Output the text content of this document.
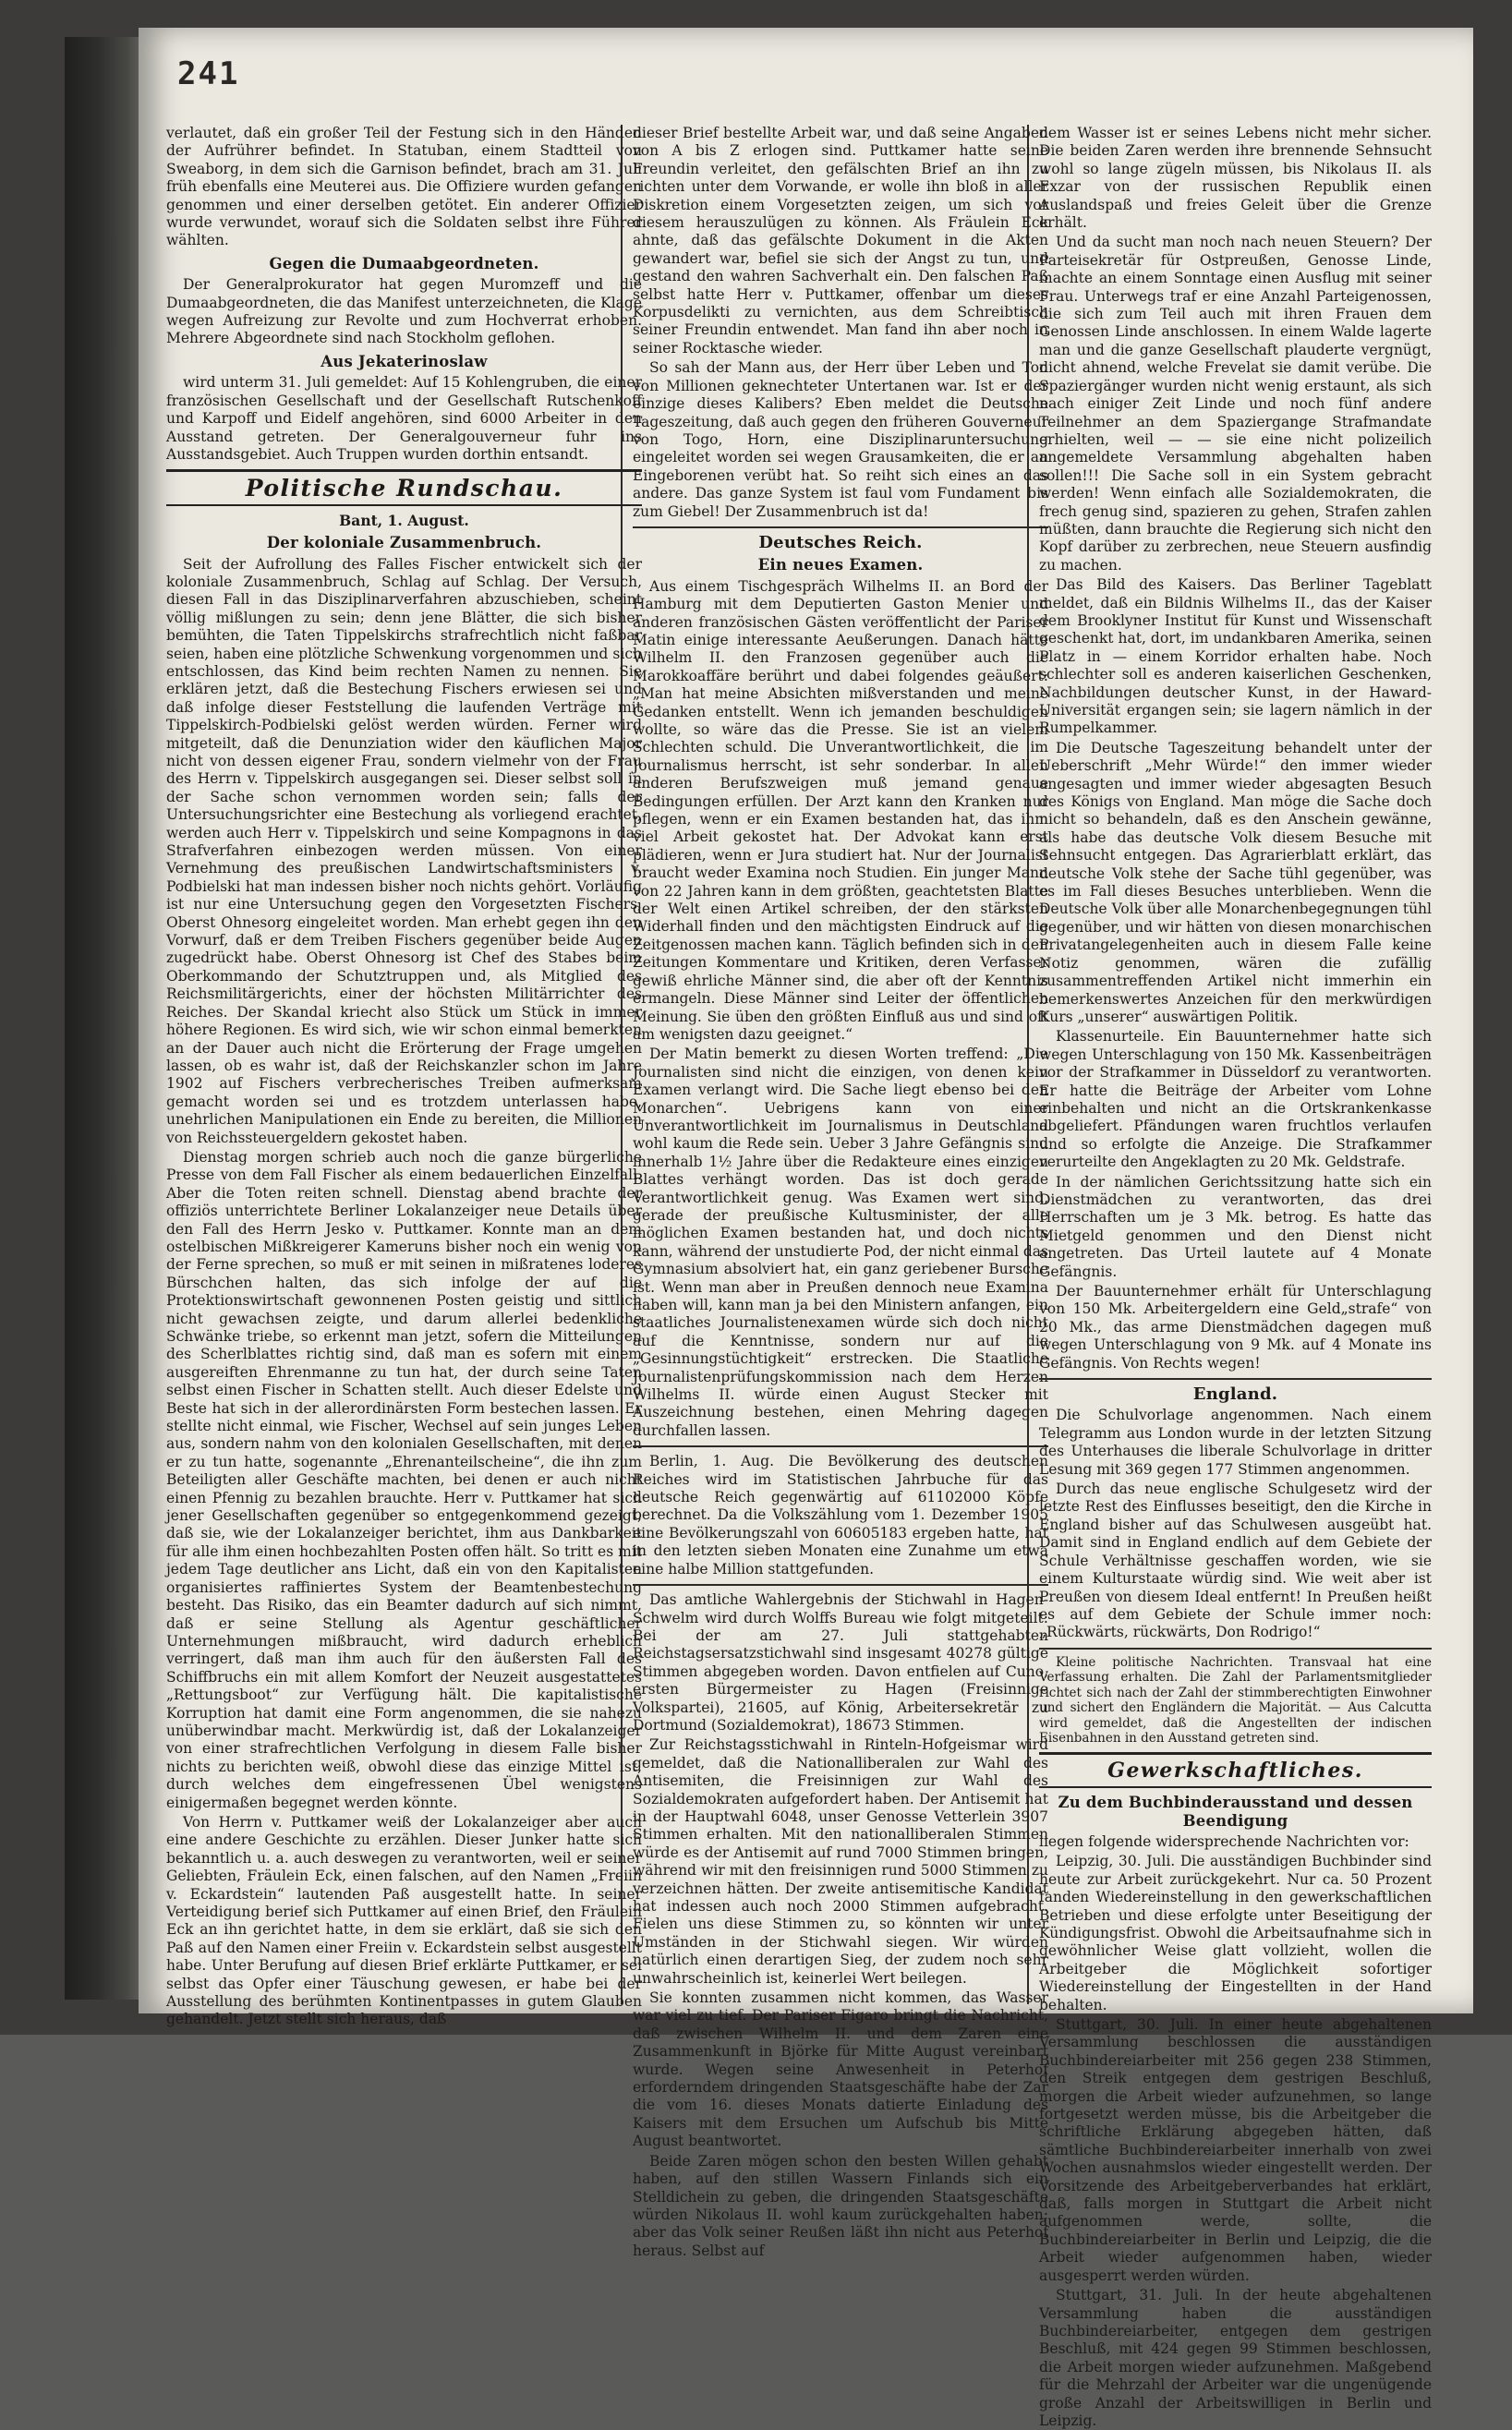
241

verlautet, daß ein großer Teil der Festung sich in den Händen der Aufrührer befindet. In Statuban, einem Stadtteil von Sweaborg, in dem sich die Garnison befindet, brach am 31. Juli früh ebenfalls eine Meuterei aus. Die Offiziere wurden gefangen genommen und einer derselben getötet. Ein anderer Offizier wurde verwundet, worauf sich die Soldaten selbst ihre Führer wählten.

Gegen die Dumaabgeordneten.

Der Generalprokurator hat gegen Muromzeff und die Dumaabgeordneten, die das Manifest unterzeichneten, die Klage wegen Aufreizung zur Revolte und zum Hochverrat erhoben. Mehrere Abgeordnete sind nach Stockholm geflohen.

Aus Jekaterinoslaw

wird unterm 31. Juli gemeldet: Auf 15 Kohlengruben, die einer französischen Gesellschaft und der Gesellschaft Rutschenkoff und Karpoff und Eidelf angehören, sind 6000 Arbeiter in den Ausstand getreten. Der Generalgouverneur fuhr ins Ausstandsgebiet. Auch Truppen wurden dorthin entsandt.

Politische Rundschau.
Bant, 1. August.
Der koloniale Zusammenbruch.

Seit der Aufrollung des Falles Fischer entwickelt sich der koloniale Zusammenbruch, Schlag auf Schlag. Der Versuch, diesen Fall in das Disziplinarverfahren abzuschieben, scheint völlig mißlungen zu sein; denn jene Blätter, die sich bisher bemühten, die Taten Tippelskirchs strafrechtlich nicht faßbar seien, haben eine plötzliche Schwenkung vorgenommen und sich entschlossen, das Kind beim rechten Namen zu nennen. Sie erklären jetzt, daß die Bestechung Fischers erwiesen sei und daß infolge dieser Feststellung die laufenden Verträge mit Tippelskirch-Podbielski gelöst werden würden. Ferner wird mitgeteilt, daß die Denunziation wider den käuflichen Major nicht von dessen eigener Frau, sondern vielmehr von der Frau des Herrn v. Tippelskirch ausgegangen sei. Dieser selbst soll in der Sache schon vernommen worden sein; falls der Untersuchungsrichter eine Bestechung als vorliegend erachtet, werden auch Herr v. Tippelskirch und seine Kompagnons in das Strafverfahren einbezogen werden müssen. Von einer Vernehmung des preußischen Landwirtschaftsministers v. Podbielski hat man indessen bisher noch nichts gehört. Vorläufig ist nur eine Untersuchung gegen den Vorgesetzten Fischers, Oberst Ohnesorg eingeleitet worden. Man erhebt gegen ihn den Vorwurf, daß er dem Treiben Fischers gegenüber beide Augen zugedrückt habe. Oberst Ohnesorg ist Chef des Stabes beim Oberkommando der Schutztruppen und, als Mitglied des Reichsmilitärgerichts, einer der höchsten Militärrichter des Reiches. Der Skandal kriecht also Stück um Stück in immer höhere Regionen. Es wird sich, wie wir schon einmal bemerkten an der Dauer auch nicht die Erörterung der Frage umgehen lassen, ob es wahr ist, daß der Reichskanzler schon im Jahre 1902 auf Fischers verbrecherisches Treiben aufmerksam gemacht worden sei und es trotzdem unterlassen habe, unehrlichen Manipulationen ein Ende zu bereiten, die Millionen von Reichssteuergeldern gekostet haben.

Dienstag morgen schrieb auch noch die ganze bürgerliche Presse von dem Fall Fischer als einem bedauerlichen Einzelfall. Aber die Toten reiten schnell. Dienstag abend brachte der offiziös unterrichtete Berliner Lokalanzeiger neue Details über den Fall des Herrn Jesko v. Puttkamer. Konnte man an dem ostelbischen Mißkreigerer Kameruns bisher noch ein wenig von der Ferne sprechen, so muß er mit seinen in mißratenes loderes Bürschchen halten, das sich infolge der auf die Protektionswirtschaft gewonnenen Posten geistig und sittlich nicht gewachsen zeigte, und darum allerlei bedenkliche Schwänke triebe, so erkennt man jetzt, sofern die Mitteilungen des Scherlblattes richtig sind, daß man es sofern mit einem ausgereiften Ehrenmanne zu tun hat, der durch seine Taten selbst einen Fischer in Schatten stellt. Auch dieser Edelste und Beste hat sich in der allerordinärsten Form bestechen lassen. Er stellte nicht einmal, wie Fischer, Wechsel auf sein junges Leben aus, sondern nahm von den kolonialen Gesellschaften, mit denen er zu tun hatte, sogenannte „Ehrenanteilscheine“, die ihn zum Beteiligten aller Geschäfte machten, bei denen er auch nicht einen Pfennig zu bezahlen brauchte. Herr v. Puttkamer hat sich jener Gesellschaften gegenüber so entgegenkommend gezeigt, daß sie, wie der Lokalanzeiger berichtet, ihm aus Dankbarkeit für alle ihm einen hochbezahlten Posten offen hält. So tritt es mit jedem Tage deutlicher ans Licht, daß ein von den Kapitalisten organisiertes raffiniertes System der Beamtenbestechung besteht. Das Risiko, das ein Beamter dadurch auf sich nimmt, daß er seine Stellung als Agentur geschäftlicher Unternehmungen mißbraucht, wird dadurch erheblich verringert, daß man ihm auch für den äußersten Fall des Schiffbruchs ein mit allem Komfort der Neuzeit ausgestattetes „Rettungsboot“ zur Verfügung hält. Die kapitalistische Korruption hat damit eine Form angenommen, die sie nahezu unüberwindbar macht. Merkwürdig ist, daß der Lokalanzeiger von einer strafrechtlichen Verfolgung in diesem Falle bisher nichts zu berichten weiß, obwohl diese das einzige Mittel ist, durch welches dem eingefressenen Übel wenigstens einigermaßen begegnet werden könnte.

Von Herrn v. Puttkamer weiß der Lokalanzeiger aber auch eine andere Geschichte zu erzählen. Dieser Junker hatte sich bekanntlich u. a. auch deswegen zu verantworten, weil er seiner Geliebten, Fräulein Eck, einen falschen, auf den Namen „Freiin v. Eckardstein“ lautenden Paß ausgestellt hatte. In seiner Verteidigung berief sich Puttkamer auf einen Brief, den Fräulein Eck an ihn gerichtet hatte, in dem sie erklärt, daß sie sich den Paß auf den Namen einer Freiin v. Eckardstein selbst ausgestellt habe. Unter Berufung auf diesen Brief erklärte Puttkamer, er sei selbst das Opfer einer Täuschung gewesen, er habe bei der Ausstellung des berühmten Kontinentpasses in gutem Glauben gehandelt. Jetzt stellt sich heraus, daß

dieser Brief bestellte Arbeit war, und daß seine Angaben von A bis Z erlogen sind. Puttkamer hatte seine Freundin verleitet, den gefälschten Brief an ihn zu richten unter dem Vorwande, er wolle ihn bloß in aller Diskretion einem Vorgesetzten zeigen, um sich vor diesem herauszulügen zu können. Als Fräulein Eck ahnte, daß das gefälschte Dokument in die Akten gewandert war, befiel sie sich der Angst zu tun, und gestand den wahren Sachverhalt ein. Den falschen Paß selbst hatte Herr v. Puttkamer, offenbar um dieses Korpusdelikti zu vernichten, aus dem Schreibtisch seiner Freundin entwendet. Man fand ihn aber noch in seiner Rocktasche wieder.

So sah der Mann aus, der Herr über Leben und Tod von Millionen geknechteter Untertanen war. Ist er der einzige dieses Kalibers? Eben meldet die Deutsche Tageszeitung, daß auch gegen den früheren Gouverneur von Togo, Horn, eine Disziplinaruntersuchung eingeleitet worden sei wegen Grausamkeiten, die er an Eingeborenen verübt hat. So reiht sich eines an das andere. Das ganze System ist faul vom Fundament bis zum Giebel! Der Zusammenbruch ist da!

Deutsches Reich.
Ein neues Examen.

Aus einem Tischgespräch Wilhelms II. an Bord der Hamburg mit dem Deputierten Gaston Menier und anderen französischen Gästen veröffentlicht der Pariser Matin einige interessante Aeußerungen. Danach hätte Wilhelm II. den Franzosen gegenüber auch die Marokkoaffäre berührt und dabei folgendes geäußert: „Man hat meine Absichten mißverstanden und meine Gedanken entstellt. Wenn ich jemanden beschuldigen wollte, so wäre das die Presse. Sie ist an vielem Schlechten schuld. Die Unverantwortlichkeit, die im Journalismus herrscht, ist sehr sonderbar. In allen anderen Berufszweigen muß jemand genaue Bedingungen erfüllen. Der Arzt kann den Kranken nur pflegen, wenn er ein Examen bestanden hat, das ihm viel Arbeit gekostet hat. Der Advokat kann erst plädieren, wenn er Jura studiert hat. Nur der Journalist braucht weder Examina noch Studien. Ein junger Mann von 22 Jahren kann in dem größten, geachtetsten Blatte der Welt einen Artikel schreiben, der den stärksten Widerhall finden und den mächtigsten Eindruck auf die Zeitgenossen machen kann. Täglich befinden sich in den Zeitungen Kommentare und Kritiken, deren Verfasser gewiß ehrliche Männer sind, die aber oft der Kenntnis ermangeln. Diese Männer sind Leiter der öffentlichen Meinung. Sie üben den größten Einfluß aus und sind oft am wenigsten dazu geeignet.“

Der Matin bemerkt zu diesen Worten treffend: „Die Journalisten sind nicht die einzigen, von denen kein Examen verlangt wird. Die Sache liegt ebenso bei den Monarchen“. Uebrigens kann von einer Unverantwortlichkeit im Journalismus in Deutschland wohl kaum die Rede sein. Ueber 3 Jahre Gefängnis sind innerhalb 1½ Jahre über die Redakteure eines einzigen Blattes verhängt worden. Das ist doch gerade Verantwortlichkeit genug. Was Examen wert sind, gerade der preußische Kultusminister, der alle möglichen Examen bestanden hat, und doch nichts kann, während der unstudierte Pod, der nicht einmal das Gymnasium absolviert hat, ein ganz geriebener Bursche ist. Wenn man aber in Preußen dennoch neue Examina haben will, kann man ja bei den Ministern anfangen, ein staatliches Journalistenexamen würde sich doch nicht auf die Kenntnisse, sondern nur auf die „Gesinnungstüchtigkeit“ erstrecken. Die Staatliche Journalistenprüfungskommission nach dem Herzen Wilhelms II. würde einen August Stecker mit Auszeichnung bestehen, einen Mehring dagegen durchfallen lassen.

Berlin, 1. Aug. Die Bevölkerung des deutschen Reiches wird im Statistischen Jahrbuche für das deutsche Reich gegenwärtig auf 61102000 Köpfe berechnet. Da die Volkszählung vom 1. Dezember 1905 eine Bevölkerungszahl von 60605183 ergeben hatte, hat in den letzten sieben Monaten eine Zunahme um etwa eine halbe Million stattgefunden.

Das amtliche Wahlergebnis der Stichwahl in Hagen-Schwelm wird durch Wolffs Bureau wie folgt mitgeteilt: Bei der am 27. Juli stattgehabten Reichstagsersatzstichwahl sind insgesamt 40278 gültige Stimmen abgegeben worden. Davon entfielen auf Cuno, ersten Bürgermeister zu Hagen (Freisinnige Volkspartei), 21605, auf König, Arbeitersekretär zu Dortmund (Sozialdemokrat), 18673 Stimmen.

Zur Reichstagsstichwahl in Rinteln-Hofgeismar wird gemeldet, daß die Nationalliberalen zur Wahl des Antisemiten, die Freisinnigen zur Wahl des Sozialdemokraten aufgefordert haben. Der Antisemit hat in der Hauptwahl 6048, unser Genosse Vetterlein 3907 Stimmen erhalten. Mit den nationalliberalen Stimmen würde es der Antisemit auf rund 7000 Stimmen bringen, während wir mit den freisinnigen rund 5000 Stimmen zu verzeichnen hätten. Der zweite antisemitische Kandidat hat indessen auch noch 2000 Stimmen aufgebracht. Fielen uns diese Stimmen zu, so könnten wir unter Umständen in der Stichwahl siegen. Wir würden natürlich einen derartigen Sieg, der zudem noch sehr unwahrscheinlich ist, keinerlei Wert beilegen.

Sie konnten zusammen nicht kommen, das Wasser war viel zu tief. Der Pariser Figaro bringt die Nachricht, daß zwischen Wilhelm II. und dem Zaren eine Zusammenkunft in Björke für Mitte August vereinbart wurde. Wegen seine Anwesenheit in Peterhof erforderndem dringenden Staatsgeschäfte habe der Zar die vom 16. dieses Monats datierte Einladung des Kaisers mit dem Ersuchen um Aufschub bis Mitte August beantwortet.

Beide Zaren mögen schon den besten Willen gehabt haben, auf den stillen Wassern Finlands sich ein Stelldichein zu geben, die dringenden Staatsgeschäfte würden Nikolaus II. wohl kaum zurückgehalten haben; aber das Volk seiner Reußen läßt ihn nicht aus Peterhof heraus. Selbst auf

dem Wasser ist er seines Lebens nicht mehr sicher. Die beiden Zaren werden ihre brennende Sehnsucht wohl so lange zügeln müssen, bis Nikolaus II. als Exzar von der russischen Republik einen Auslandspaß und freies Geleit über die Grenze erhält.

Und da sucht man noch nach neuen Steuern? Der Parteisekretär für Ostpreußen, Genosse Linde, machte an einem Sonntage einen Ausflug mit seiner Frau. Unterwegs traf er eine Anzahl Parteigenossen, die sich zum Teil auch mit ihren Frauen dem Genossen Linde anschlossen. In einem Walde lagerte man und die ganze Gesellschaft plauderte vergnügt, nicht ahnend, welche Frevelat sie damit verübe. Die Spaziergänger wurden nicht wenig erstaunt, als sich nach einiger Zeit Linde und noch fünf andere Teilnehmer an dem Spaziergange Strafmandate erhielten, weil — — sie eine nicht polizeilich angemeldete Versammlung abgehalten haben sollen!!! Die Sache soll in ein System gebracht werden! Wenn einfach alle Sozialdemokraten, die frech genug sind, spazieren zu gehen, Strafen zahlen müßten, dann brauchte die Regierung sich nicht den Kopf darüber zu zerbrechen, neue Steuern ausfindig zu machen.

Das Bild des Kaisers. Das Berliner Tageblatt meldet, daß ein Bildnis Wilhelms II., das der Kaiser dem Brooklyner Institut für Kunst und Wissenschaft geschenkt hat, dort, im undankbaren Amerika, seinen Platz in — einem Korridor erhalten habe. Noch schlechter soll es anderen kaiserlichen Geschenken, Nachbildungen deutscher Kunst, in der Haward-Universität ergangen sein; sie lagern nämlich in der Rumpelkammer.

Die Deutsche Tageszeitung behandelt unter der Ueberschrift „Mehr Würde!“ den immer wieder angesagten und immer wieder abgesagten Besuch des Königs von England. Man möge die Sache doch nicht so behandeln, daß es den Anschein gewänne, als habe das deutsche Volk diesem Besuche mit Sehnsucht entgegen. Das Agrarierblatt erklärt, das deutsche Volk stehe der Sache tühl gegenüber, was es im Fall dieses Besuches unterblieben. Wenn die Deutsche Volk über alle Monarchenbegegnungen tühl gegenüber, und wir hätten von diesen monarchischen Privatangelegenheiten auch in diesem Falle keine Notiz genommen, wären die zufällig zusammentreffenden Artikel nicht immerhin ein bemerkenswertes Anzeichen für den merkwürdigen Kurs „unserer“ auswärtigen Politik.

Klassenurteile. Ein Bauunternehmer hatte sich wegen Unterschlagung von 150 Mk. Kassenbeiträgen vor der Strafkammer in Düsseldorf zu verantworten. Er hatte die Beiträge der Arbeiter vom Lohne einbehalten und nicht an die Ortskrankenkasse abgeliefert. Pfändungen waren fruchtlos verlaufen und so erfolgte die Anzeige. Die Strafkammer verurteilte den Angeklagten zu 20 Mk. Geldstrafe.

In der nämlichen Gerichtssitzung hatte sich ein Dienstmädchen zu verantworten, das drei Herrschaften um je 3 Mk. betrog. Es hatte das Mietgeld genommen und den Dienst nicht angetreten. Das Urteil lautete auf 4 Monate Gefängnis.

Der Bauunternehmer erhält für Unterschlagung von 150 Mk. Arbeitergeldern eine Geld„strafe“ von 20 Mk., das arme Dienstmädchen dagegen muß wegen Unterschlagung von 9 Mk. auf 4 Monate ins Gefängnis. Von Rechts wegen!

England.

Die Schulvorlage angenommen. Nach einem Telegramm aus London wurde in der letzten Sitzung des Unterhauses die liberale Schulvorlage in dritter Lesung mit 369 gegen 177 Stimmen angenommen.

Durch das neue englische Schulgesetz wird der letzte Rest des Einflusses beseitigt, den die Kirche in England bisher auf das Schulwesen ausgeübt hat. Damit sind in England endlich auf dem Gebiete der Schule Verhältnisse geschaffen worden, wie sie einem Kulturstaate würdig sind. Wie weit aber ist Preußen von diesem Ideal entfernt! In Preußen heißt es auf dem Gebiete der Schule immer noch: „Rückwärts, rückwärts, Don Rodrigo!“

Kleine politische Nachrichten. Transvaal hat eine Verfassung erhalten. Die Zahl der Parlamentsmitglieder richtet sich nach der Zahl der stimmberechtigten Einwohner und sichert den Engländern die Majorität. — Aus Calcutta wird gemeldet, daß die Angestellten der indischen Eisenbahnen in den Ausstand getreten sind.

Gewerkschaftliches.
Zu dem Buchbinderausstand und dessen Beendigung

liegen folgende widersprechende Nachrichten vor:

Leipzig, 30. Juli. Die ausständigen Buchbinder sind heute zur Arbeit zurückgekehrt. Nur ca. 50 Prozent fanden Wiedereinstellung in den gewerkschaftlichen Betrieben und diese erfolgte unter Beseitigung der Kündigungsfrist. Obwohl die Arbeitsaufnahme sich in gewöhnlicher Weise glatt vollzieht, wollen die Arbeitgeber die Möglichkeit sofortiger Wiedereinstellung der Eingestellten in der Hand behalten.

Stuttgart, 30. Juli. In einer heute abgehaltenen Versammlung beschlossen die ausständigen Buchbindereiarbeiter mit 256 gegen 238 Stimmen, den Streik entgegen dem gestrigen Beschluß, morgen die Arbeit wieder aufzunehmen, so lange fortgesetzt werden müsse, bis die Arbeitgeber die schriftliche Erklärung abgegeben hätten, daß sämtliche Buchbindereiarbeiter innerhalb von zwei Wochen ausnahmslos wieder eingestellt werden. Der Vorsitzende des Arbeitgeberverbandes hat erklärt, daß, falls morgen in Stuttgart die Arbeit nicht aufgenommen werde, sollte, die Buchbindereiarbeiter in Berlin und Leipzig, die die Arbeit wieder aufgenommen haben, wieder ausgesperrt werden würden.

Stuttgart, 31. Juli. In der heute abgehaltenen Versammlung haben die ausständigen Buchbindereiarbeiter, entgegen dem gestrigen Beschluß, mit 424 gegen 99 Stimmen beschlossen, die Arbeit morgen wieder aufzunehmen. Maßgebend für die Mehrzahl der Arbeiter war die ungenügende große Anzahl der Arbeitswilligen in Berlin und Leipzig.
